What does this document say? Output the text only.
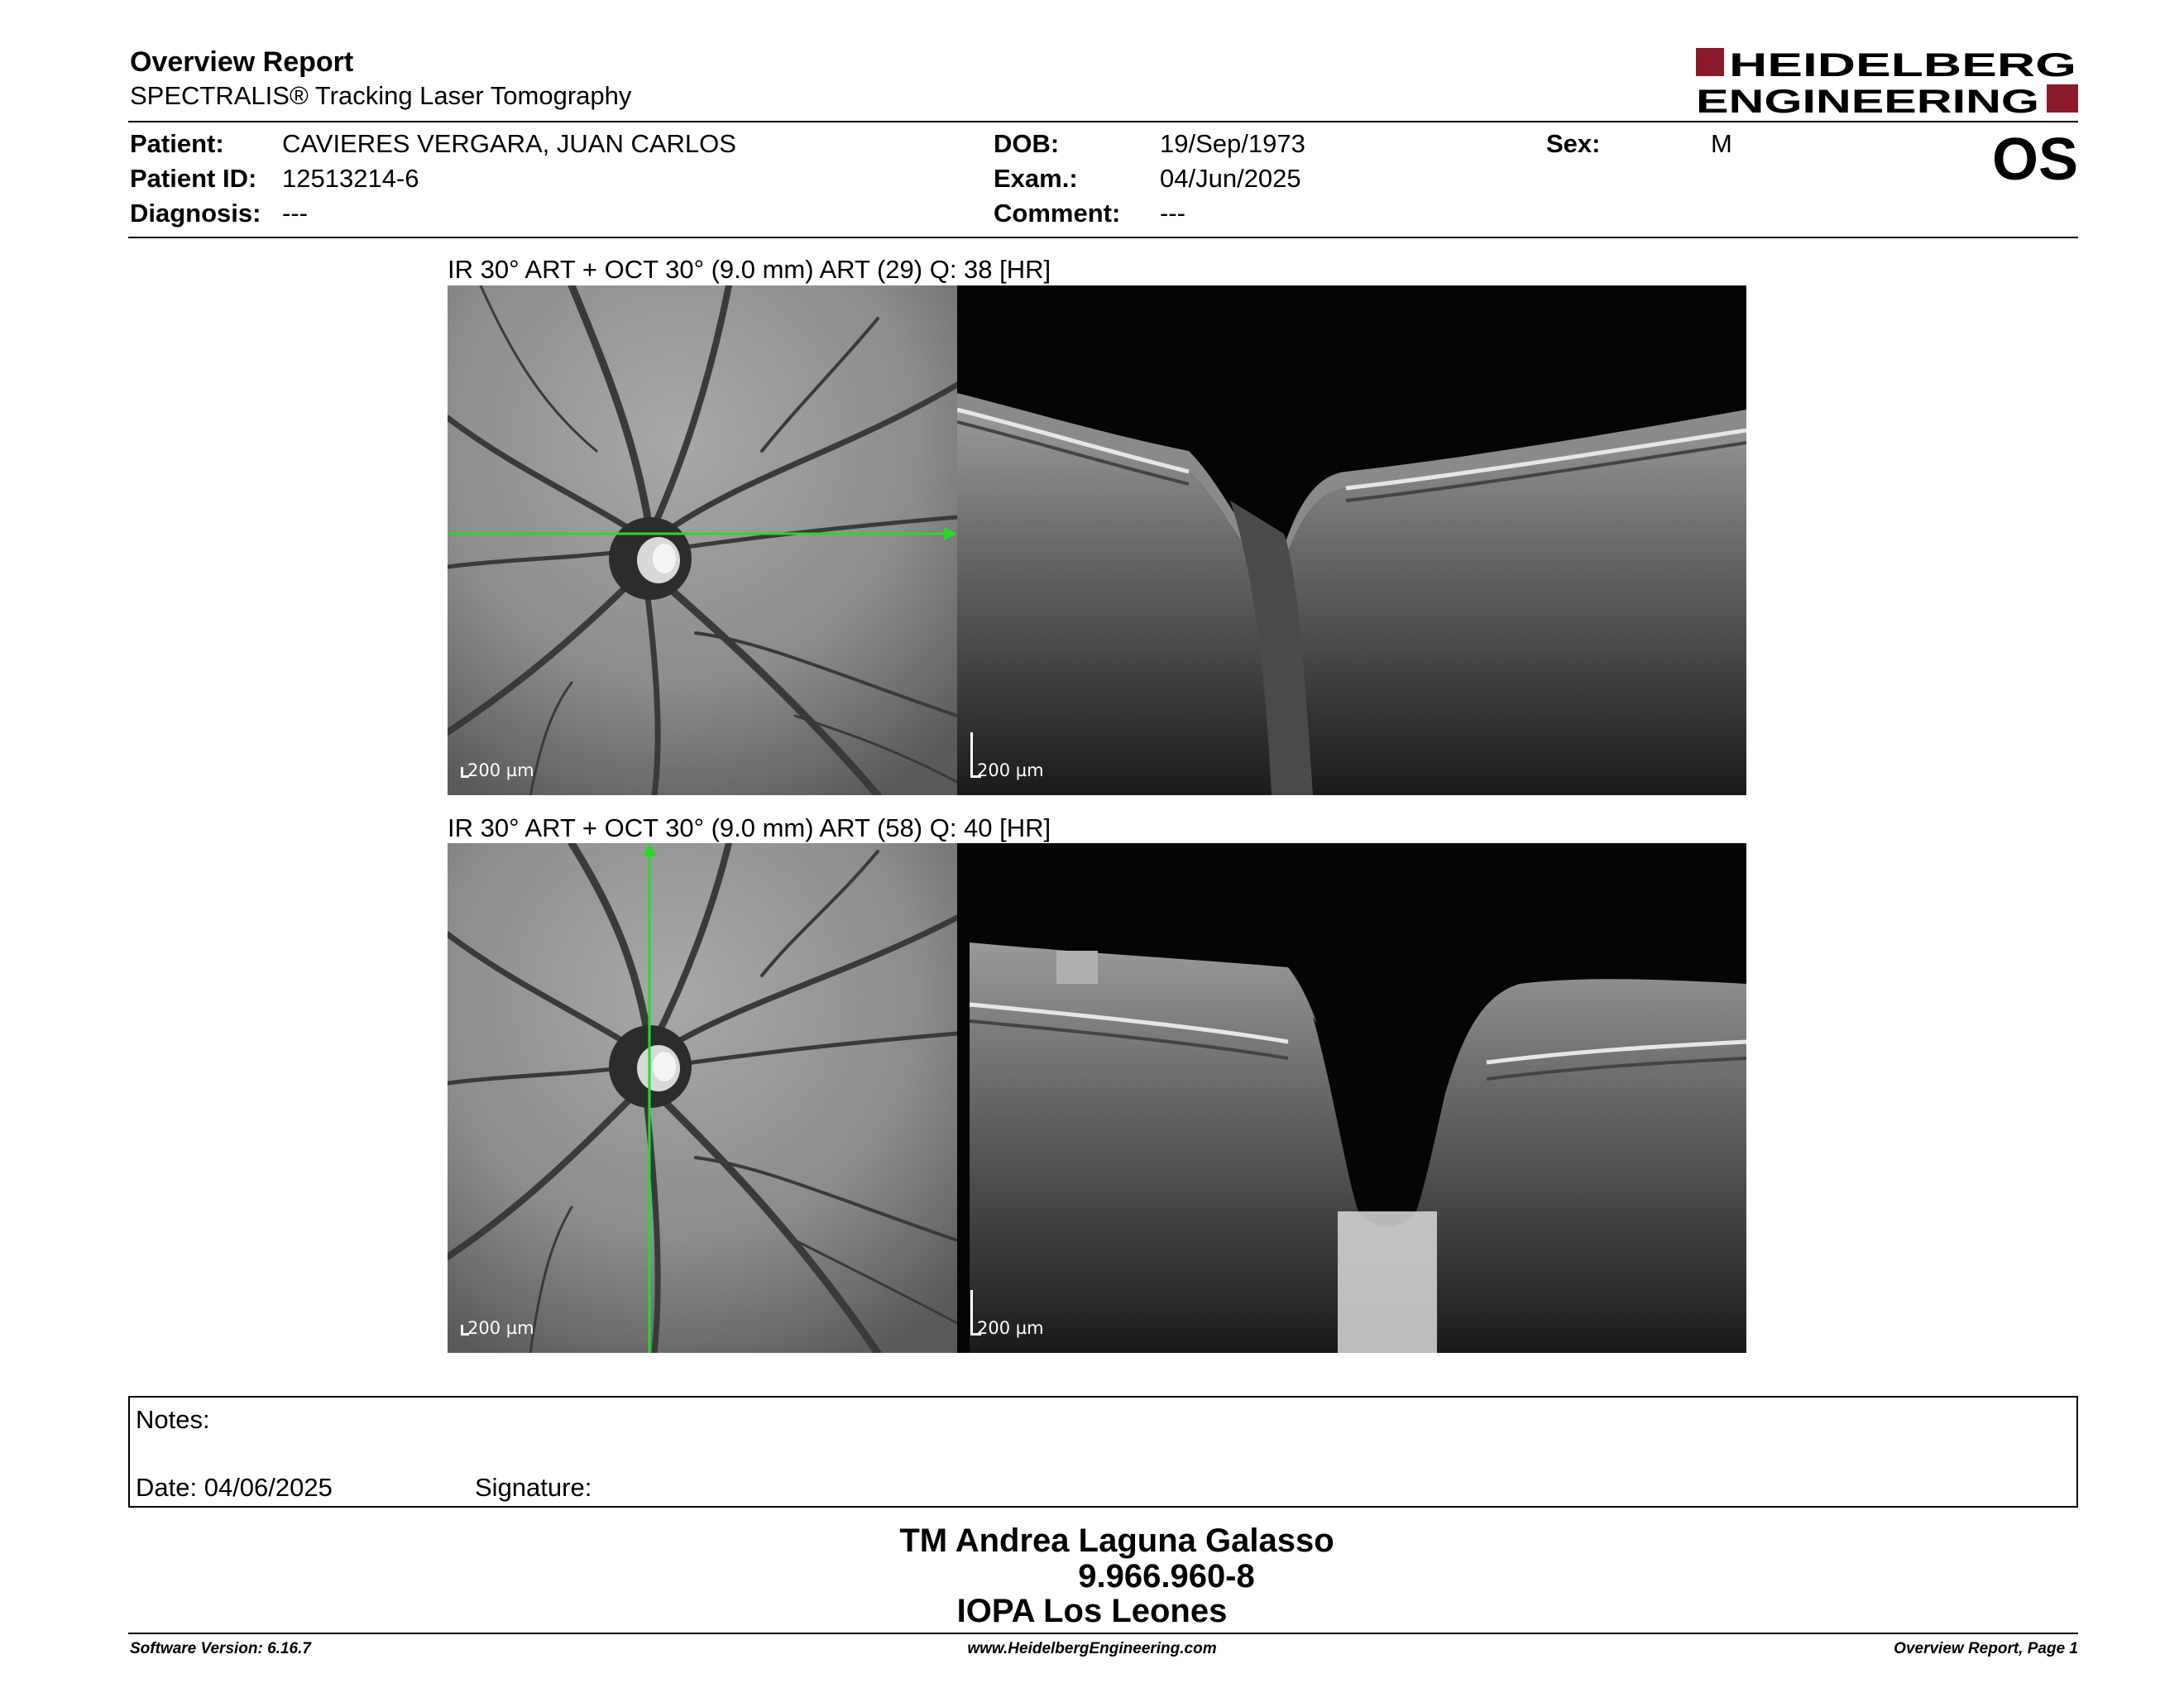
Overview Report
SPECTRALIS® Tracking Laser Tomography
HEIDELBERG
ENGINEERING
Patient: CAVIERES VERGARA, JUAN CARLOS
Patient ID: 12513214-6
Diagnosis: ---
DOB:	19/Sep/1973
Exam.:	04/Jun/2025
Comment: ---
Sex:	M	OS
IR 30° ART + OCT 30° (9.0 mm) ART (29) Q: 38 [HR]
200 µm	200 µm
IR 30° ART + OCT 30° (9.0 mm) ART (58) Q: 40 [HR]
200 µm	200 µm
Notes:
Date: 04/06/2025	Signature:
TM Andrea Laguna Galasso
9.966.960-8
IOPA Los Leones
Software Version: 6.16.7	www.HeidelbergEngineering.com	Overview Report, Page 1
